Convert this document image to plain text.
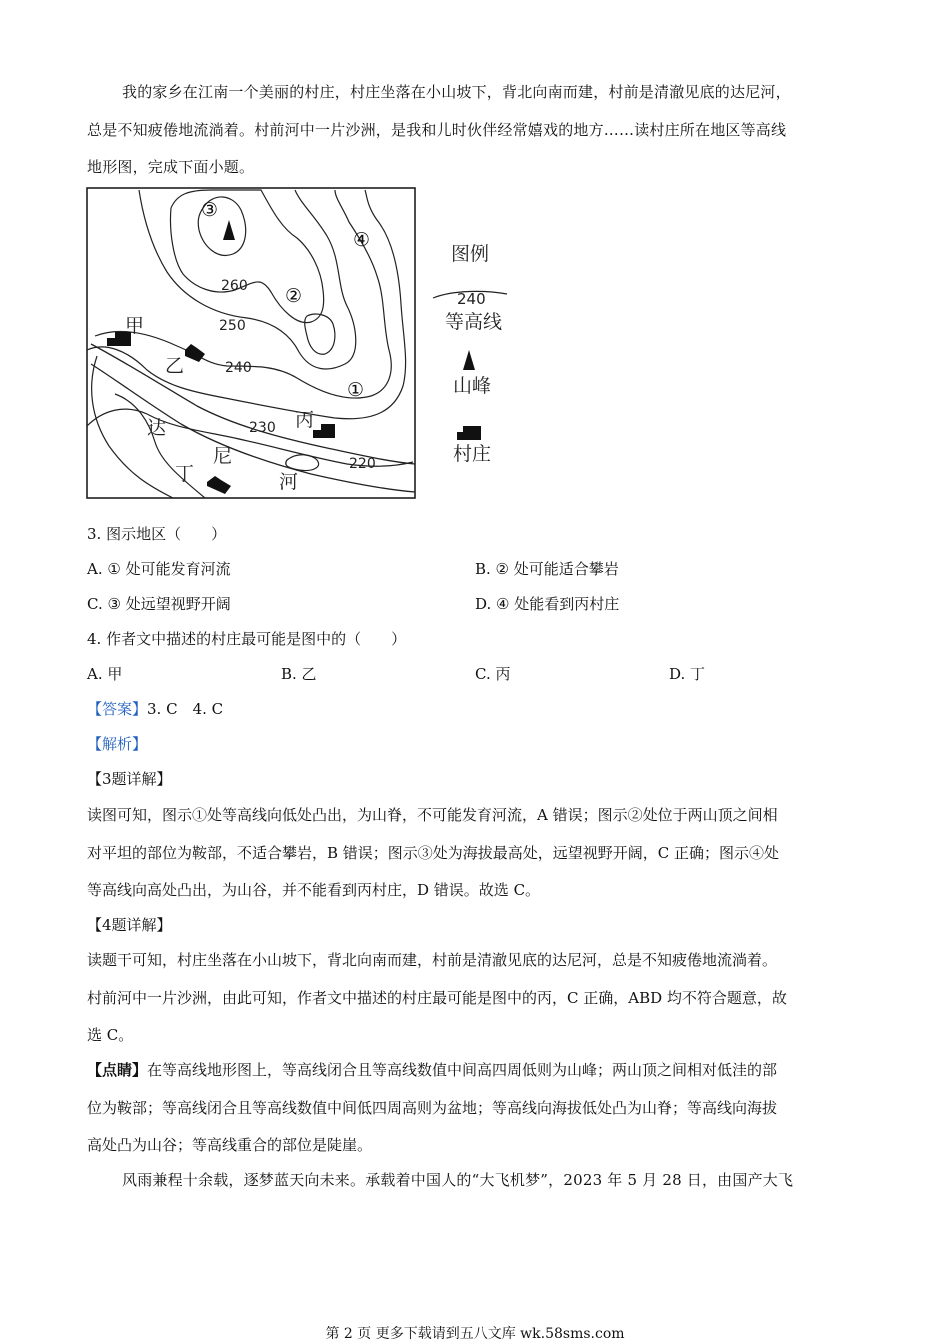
我的家乡在江南一个美丽的村庄，村庄坐落在小山坡下，背北向南而建，村前是清澈见底的达尼河，
总是不知疲倦地流淌着。村前河中一片沙洲，是我和儿时伙伴经常嬉戏的地方……读村庄所在地区等高线
地形图，完成下面小题。
③
④
②
①
260
250
240
230
220
甲
乙
丙
丁
达
尼
河
图例
240
等高线
山峰
村庄
3. 图示地区（　　）
A. ① 处可能发育河流	B. ② 处可能适合攀岩
C. ③ 处远望视野开阔	D. ④ 处能看到丙村庄
4. 作者文中描述的村庄最可能是图中的（　　）
A. 甲	B. 乙	C. 丙	D. 丁
【答案】3. C　4. C
【解析】
【3题详解】
读图可知，图示①处等高线向低处凸出，为山脊，不可能发育河流，A 错误；图示②处位于两山顶之间相
对平坦的部位为鞍部，不适合攀岩，B 错误；图示③处为海拔最高处，远望视野开阔，C 正确；图示④处
等高线向高处凸出，为山谷，并不能看到丙村庄，D 错误。故选 C。
【4题详解】
读题干可知，村庄坐落在小山坡下，背北向南而建，村前是清澈见底的达尼河，总是不知疲倦地流淌着。
村前河中一片沙洲，由此可知，作者文中描述的村庄最可能是图中的丙，C 正确，ABD 均不符合题意，故
选 C。
【点睛】在等高线地形图上，等高线闭合且等高线数值中间高四周低则为山峰；两山顶之间相对低洼的部
位为鞍部；等高线闭合且等高线数值中间低四周高则为盆地；等高线向海拔低处凸为山脊；等高线向海拔
高处凸为山谷；等高线重合的部位是陡崖。
风雨兼程十余载，逐梦蓝天向未来。承载着中国人的“大飞机梦”，2023 年 5 月 28 日，由国产大飞
第 2 页 更多下载请到五八文库 wk.58sms.com
